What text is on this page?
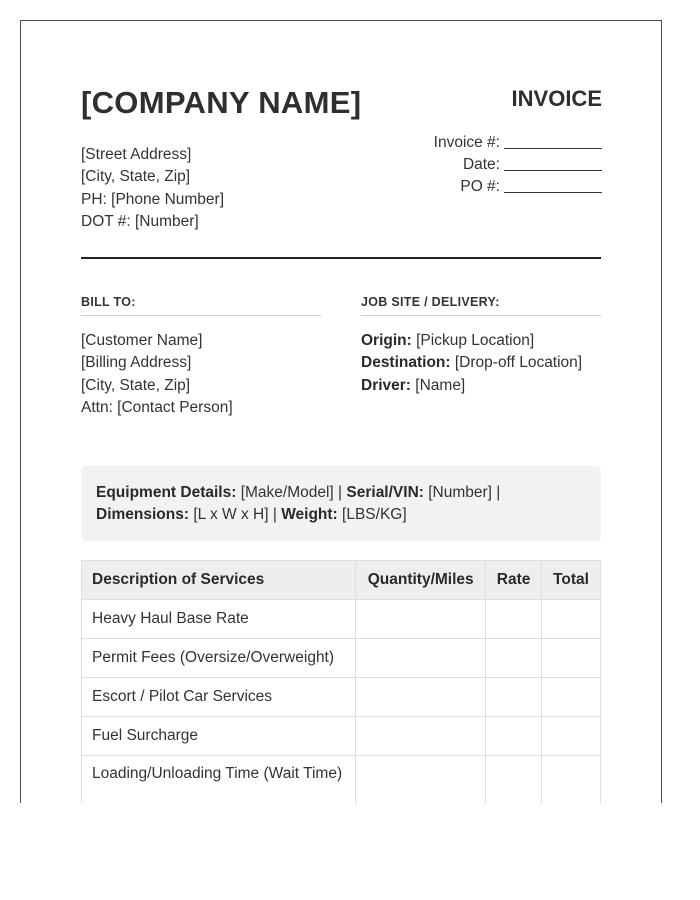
[COMPANY NAME]	INVOICE
[Street Address]
[City, State, Zip]
PH: [Phone Number]
DOT #: [Number]
Invoice #:
Date:
PO #:
BILL TO:	JOB SITE / DELIVERY:
[Customer Name]
[Billing Address]
[City, State, Zip]
Attn: [Contact Person]
Origin: [Pickup Location]
Destination: [Drop-off Location]
Driver: [Name]
Equipment Details: [Make/Model] | Serial/VIN: [Number] |
Dimensions: [L x W x H] | Weight: [LBS/KG]
Description of Services	Quantity/Miles	Rate	Total
Heavy Haul Base Rate			
Permit Fees (Oversize/Overweight)			
Escort / Pilot Car Services			
Fuel Surcharge			
Loading/Unloading Time (Wait Time)			
